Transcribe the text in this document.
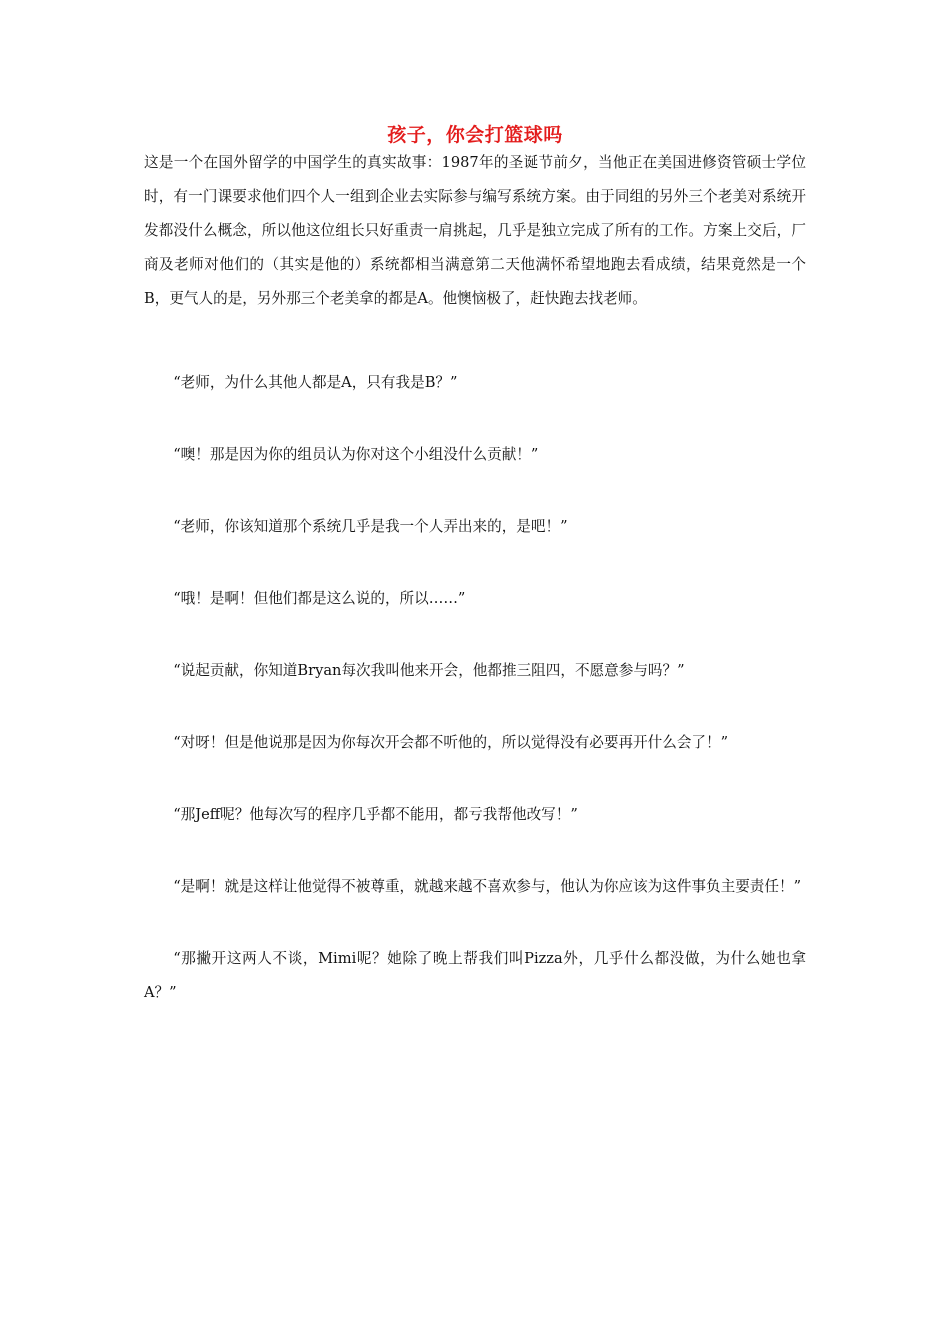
孩子，你会打篮球吗

这是一个在国外留学的中国学生的真实故事：1987年的圣诞节前夕，当他正在美国进修资管硕士学位时，有一门课要求他们四个人一组到企业去实际参与编写系统方案。由于同组的另外三个老美对系统开发都没什么概念，所以他这位组长只好重责一肩挑起，几乎是独立完成了所有的工作。方案上交后，厂商及老师对他们的（其实是他的）系统都相当满意第二天他满怀希望地跑去看成绩，结果竟然是一个B，更气人的是，另外那三个老美拿的都是A。他懊恼极了，赶快跑去找老师。

“老师，为什么其他人都是A，只有我是B？”

“噢！那是因为你的组员认为你对这个小组没什么贡献！”

“老师，你该知道那个系统几乎是我一个人弄出来的，是吧！”

“哦！是啊！但他们都是这么说的，所以……”

“说起贡献，你知道Bryan每次我叫他来开会，他都推三阻四，不愿意参与吗？”

“对呀！但是他说那是因为你每次开会都不听他的，所以觉得没有必要再开什么会了！”

“那Jeff呢？他每次写的程序几乎都不能用，都亏我帮他改写！”

“是啊！就是这样让他觉得不被尊重，就越来越不喜欢参与，他认为你应该为这件事负主要责任！”

“那撇开这两人不谈，Mimi呢？她除了晚上帮我们叫Pizza外，几乎什么都没做，为什么她也拿A？”
